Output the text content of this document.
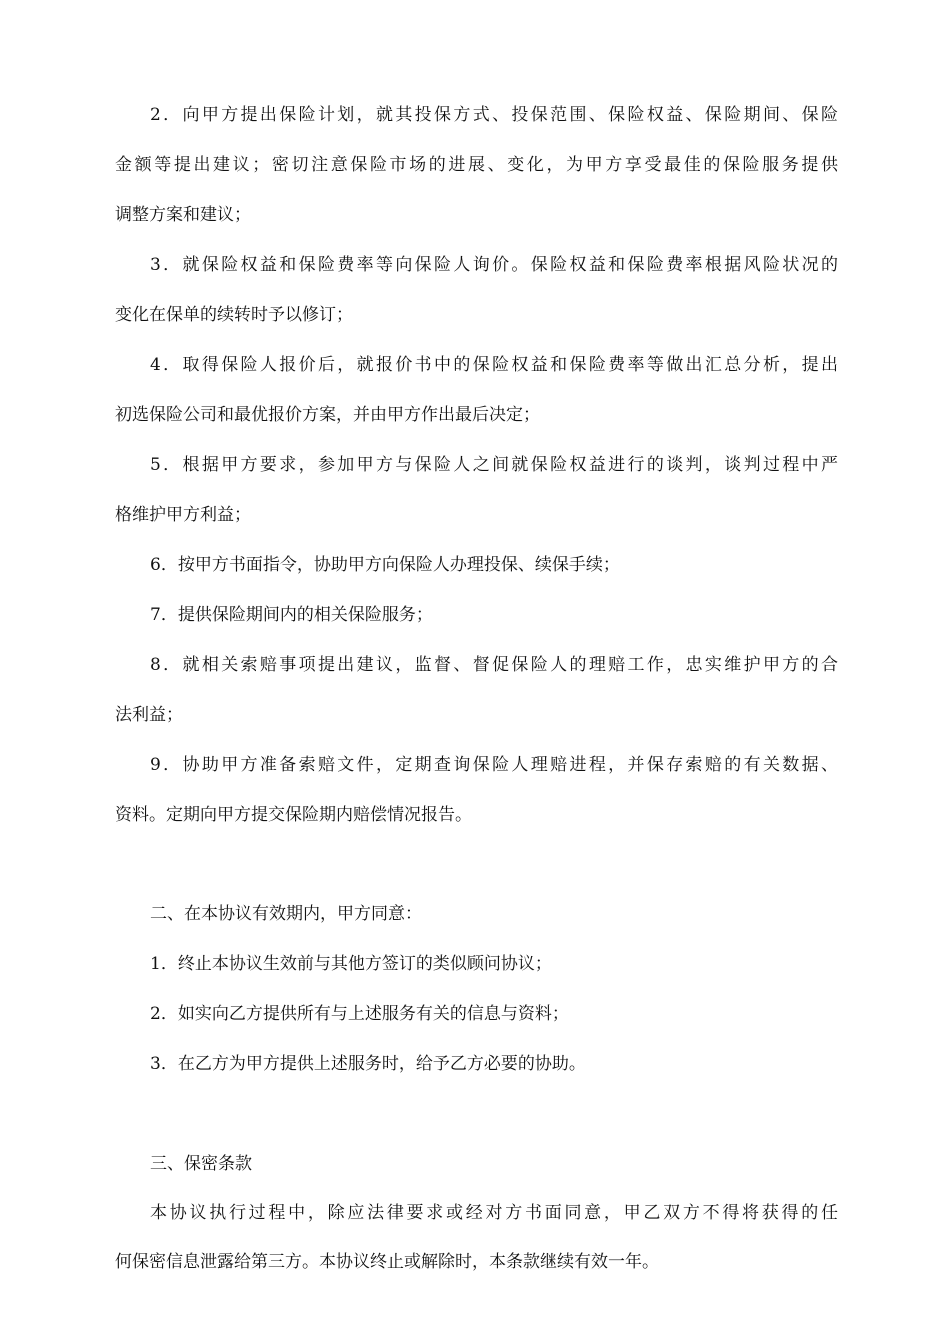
2．向甲方提出保险计划，就其投保方式、投保范围、保险权益、保险期间、保险
金额等提出建议；密切注意保险市场的进展、变化，为甲方享受最佳的保险服务提供
调整方案和建议；
3．就保险权益和保险费率等向保险人询价。保险权益和保险费率根据风险状况的
变化在保单的续转时予以修订；
4．取得保险人报价后，就报价书中的保险权益和保险费率等做出汇总分析，提出
初选保险公司和最优报价方案，并由甲方作出最后决定；
5．根据甲方要求，参加甲方与保险人之间就保险权益进行的谈判，谈判过程中严
格维护甲方利益；
6．按甲方书面指令，协助甲方向保险人办理投保、续保手续；
7．提供保险期间内的相关保险服务；
8．就相关索赔事项提出建议，监督、督促保险人的理赔工作，忠实维护甲方的合
法利益；
9．协助甲方准备索赔文件，定期查询保险人理赔进程，并保存索赔的有关数据、
资料。定期向甲方提交保险期内赔偿情况报告。
二、在本协议有效期内，甲方同意：
1．终止本协议生效前与其他方签订的类似顾问协议；
2．如实向乙方提供所有与上述服务有关的信息与资料；
3．在乙方为甲方提供上述服务时，给予乙方必要的协助。
三、保密条款
本协议执行过程中，除应法律要求或经对方书面同意，甲乙双方不得将获得的任
何保密信息泄露给第三方。本协议终止或解除时，本条款继续有效一年。
